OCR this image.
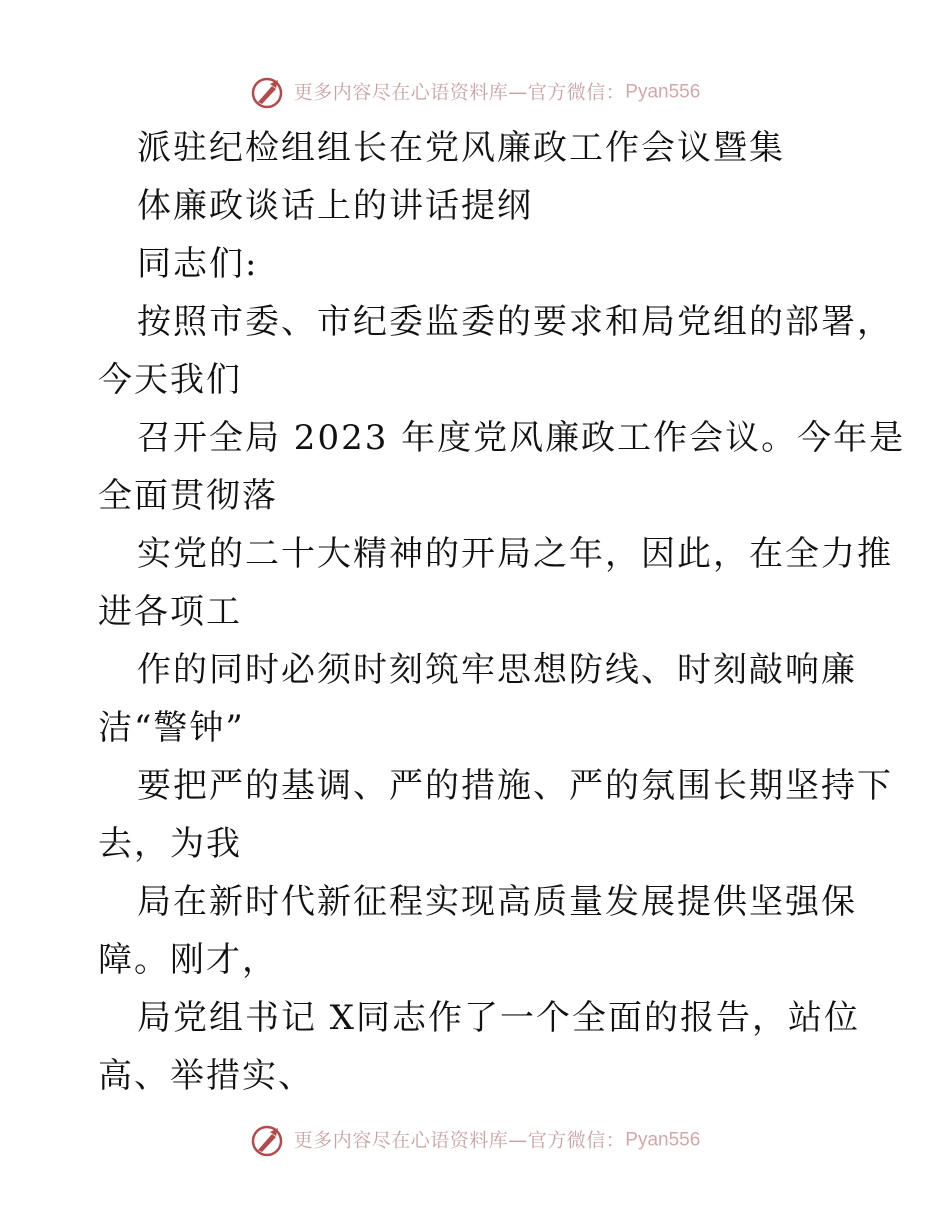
更多内容尽在心语资料库—官方微信：Pyan556
派驻纪检组组长在党风廉政工作会议暨集
体廉政谈话上的讲话提纲
同志们:
按照市委、市纪委监委的要求和局党组的部署，
今天我们
召开全局 2023 年度党风廉政工作会议。今年是
全面贯彻落
实党的二十大精神的开局之年，因此，在全力推
进各项工
作的同时必须时刻筑牢思想防线、时刻敲响廉
洁“警钟”
要把严的基调、严的措施、严的氛围长期坚持下
去，为我
局在新时代新征程实现高质量发展提供坚强保
障。刚才，
局党组书记 X同志作了一个全面的报告，站位
高、举措实、
更多内容尽在心语资料库—官方微信：Pyan556
